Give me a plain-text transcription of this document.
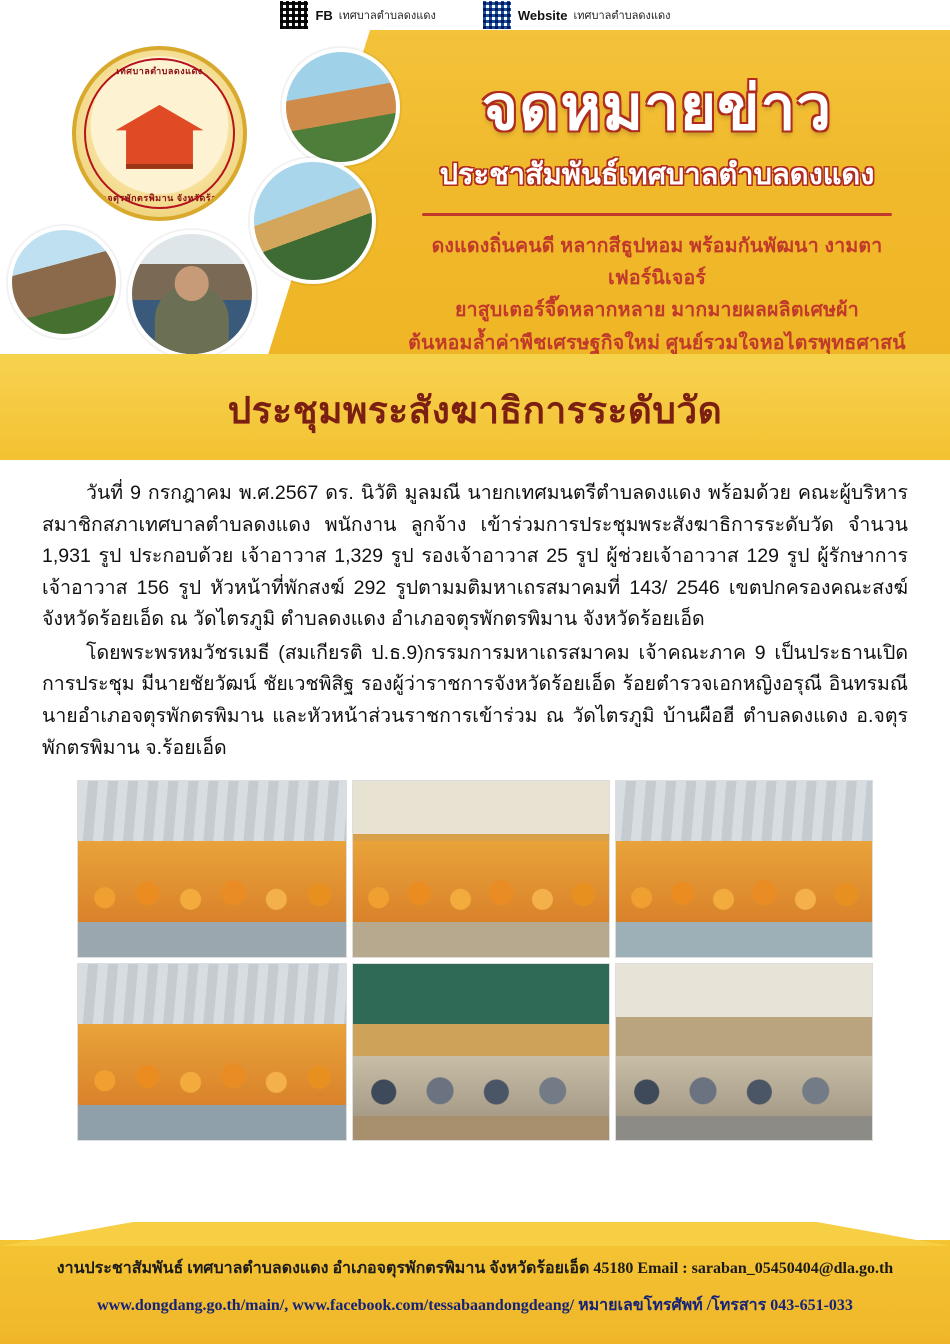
FB เทศบาลตำบลดงแดง	Website เทศบาลตำบลดงแดง
เทศบาลตำบลดงแดง
อำเภอจตุรพักตรพิมาน จังหวัดร้อยเอ็ด
จดหมายข่าว
ประชาสัมพันธ์เทศบาลตำบลดงแดง
ดงแดงถิ่นคนดี หลากสีธูปหอม พร้อมกันพัฒนา งามตาเฟอร์นิเจอร์
ยาสูบเตอร์จี๊ดหลากหลาย มากมายผลผลิตเศษผ้า
ต้นหอมล้ำค่าพืชเศรษฐกิจใหม่ ศูนย์รวมใจหอไตรพุทธศาสน์
ประชุมพระสังฆาธิการระดับวัด

วันที่ 9 กรกฎาคม พ.ศ.2567 ดร. นิวัติ มูลมณี นายกเทศมนตรีตำบลดงแดง พร้อมด้วย คณะผู้บริหาร สมาชิกสภาเทศบาลตำบลดงแดง พนักงาน ลูกจ้าง เข้าร่วมการประชุมพระสังฆาธิการระดับวัด จำนวน 1,931 รูป ประกอบด้วย เจ้าอาวาส 1,329 รูป รองเจ้าอาวาส 25 รูป ผู้ช่วยเจ้าอาวาส 129 รูป ผู้รักษาการเจ้าอาวาส 156 รูป หัวหน้าที่พักสงฆ์ 292 รูปตามมติมหาเถรสมาคมที่ 143/ 2546 เขตปกครองคณะสงฆ์จังหวัดร้อยเอ็ด ณ วัดไตรภูมิ ตำบลดงแดง อำเภอจตุรพักตรพิมาน จังหวัดร้อยเอ็ด

โดยพระพรหมวัชรเมธี (สมเกียรติ ป.ธ.9)กรรมการมหาเถรสมาคม เจ้าคณะภาค 9 เป็นประธานเปิดการประชุม มีนายชัยวัฒน์ ชัยเวชพิสิฐ รองผู้ว่าราชการจังหวัดร้อยเอ็ด ร้อยตำรวจเอกหญิงอรุณี อินทรมณี นายอำเภอจตุรพักตรพิมาน และหัวหน้าส่วนราชการเข้าร่วม ณ วัดไตรภูมิ บ้านผือฮี ตำบลดงแดง อ.จตุรพักตรพิมาน จ.ร้อยเอ็ด

งานประชาสัมพันธ์ เทศบาลตำบลดงแดง อำเภอจตุรพักตรพิมาน จังหวัดร้อยเอ็ด 45180 Email : saraban_05450404@dla.go.th
www.dongdang.go.th/main/, www.facebook.com/tessabaandongdeang/ หมายเลขโทรศัพท์ /โทรสาร 043-651-033
